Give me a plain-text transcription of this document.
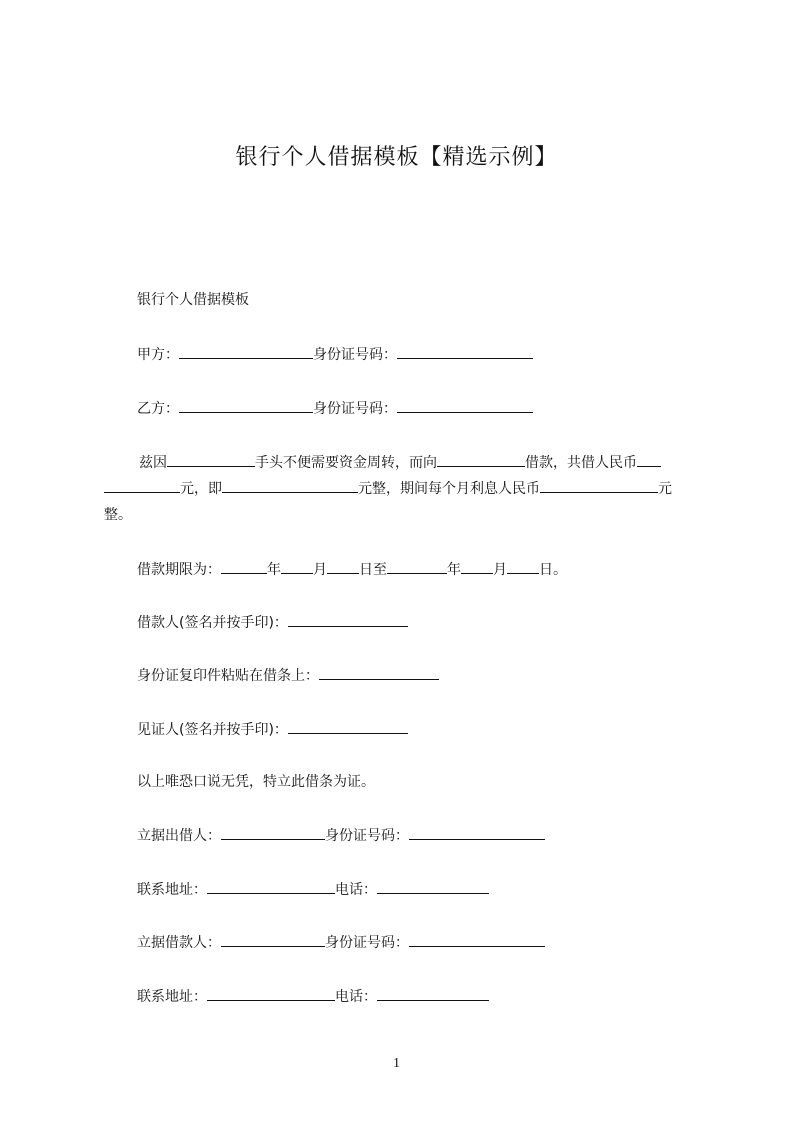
银行个人借据模板【精选示例】
银行个人借据模板
甲方：	身份证号码：
乙方：	身份证号码：
兹因	手头不便需要资金周转，而向	借款，共借人民币元，即	元整，期间每个月利息人民币	元整。
借款期限为：	年 月 日至	年 月 日。
借款人(签名并按手印)：
身份证复印件粘贴在借条上：
见证人(签名并按手印)：
以上唯恐口说无凭，特立此借条为证。
立据出借人：	身份证号码：
联系地址：	电话：
立据借款人：	身份证号码：
联系地址：	电话：
1
